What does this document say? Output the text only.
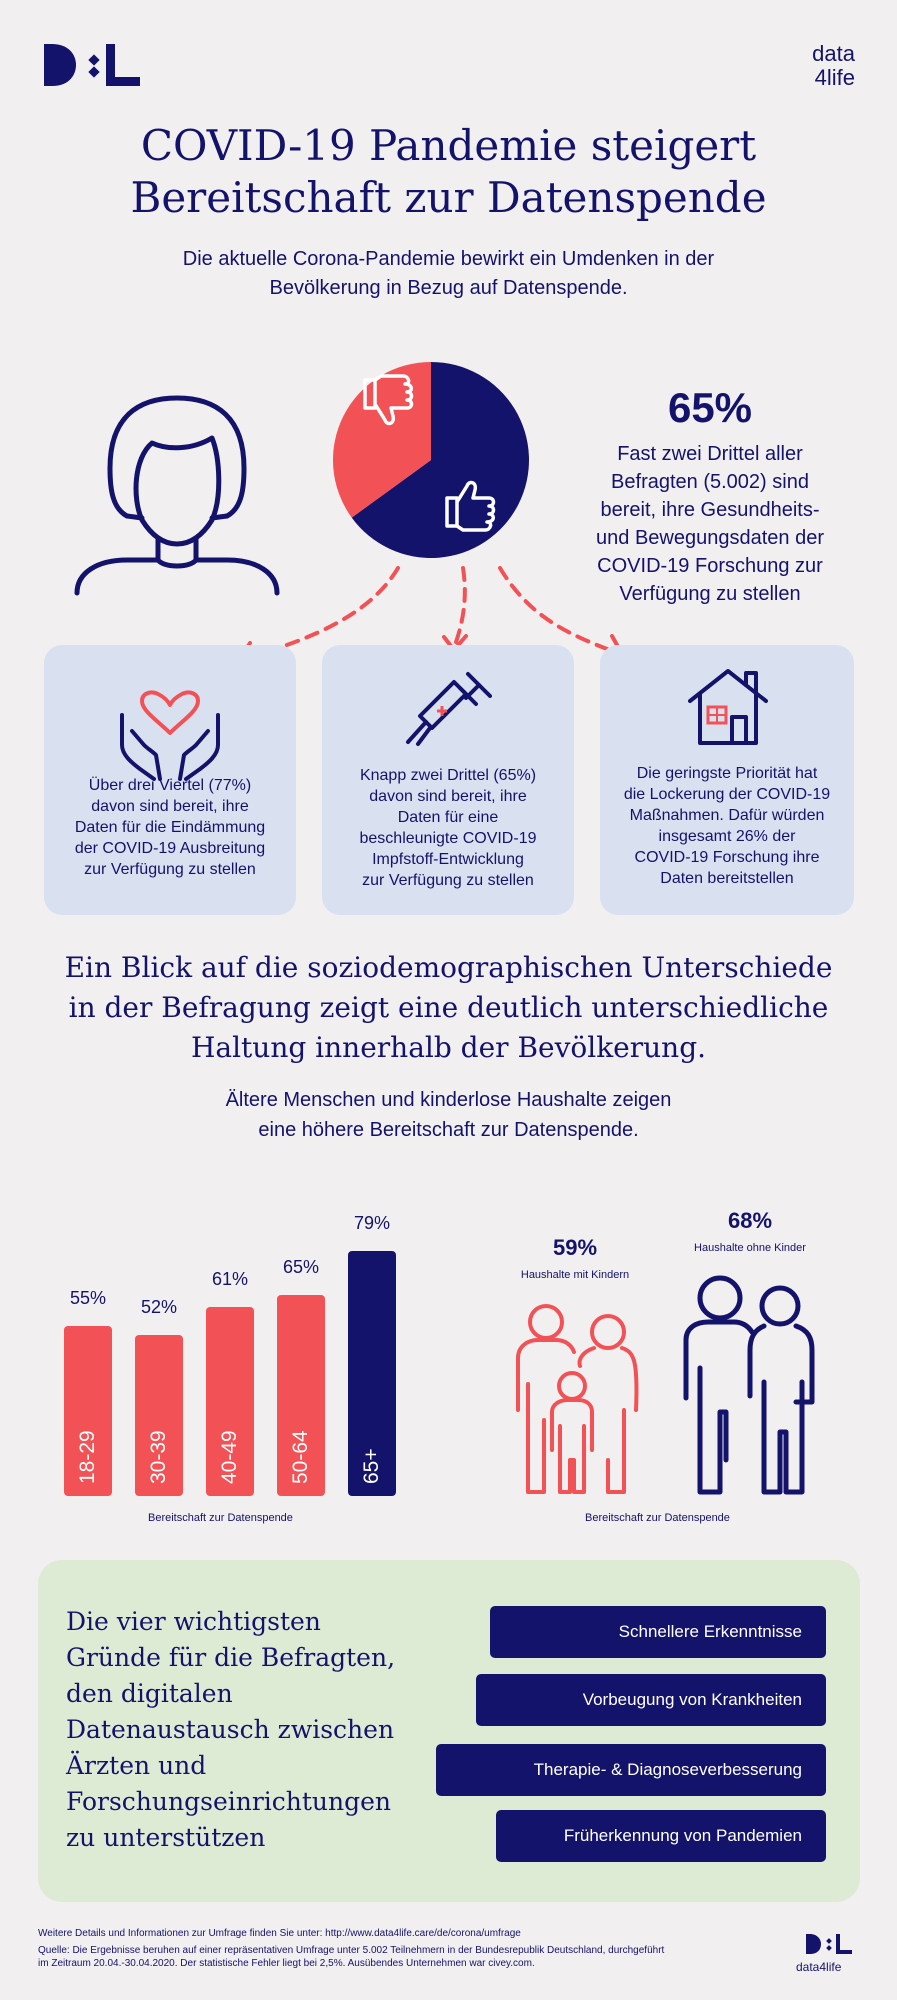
data
4life
COVID-19 Pandemie steigert
Bereitschaft zur Datenspende
Die aktuelle Corona-Pandemie bewirkt ein Umdenken in der
Bevölkerung in Bezug auf Datenspende.
65%
Fast zwei Drittel aller
Befragten (5.002) sind
bereit, ihre Gesundheits-
und Bewegungsdaten der
COVID-19 Forschung zur
Verfügung zu stellen
Über drei Viertel (77%)
davon sind bereit, ihre
Daten für die Eindämmung
der COVID-19 Ausbreitung
zur Verfügung zu stellen
Knapp zwei Drittel (65%)
davon sind bereit, ihre
Daten für eine
beschleunigte COVID-19
Impfstoff-Entwicklung
zur Verfügung zu stellen
Die geringste Priorität hat
die Lockerung der COVID-19
Maßnahmen. Dafür würden
insgesamt 26% der
COVID-19 Forschung ihre
Daten bereitstellen
Ein Blick auf die soziodemographischen Unterschiede
in der Befragung zeigt eine deutlich unterschiedliche
Haltung innerhalb der Bevölkerung.
Ältere Menschen und kinderlose Haushalte zeigen
eine höhere Bereitschaft zur Datenspende.
18-29
55%
30-39
52%
40-49
61%
50-64
65%
65+
79%
Bereitschaft zur Datenspende
59%
Haushalte mit Kindern
68%
Haushalte ohne Kinder
Bereitschaft zur Datenspende
Die vier wichtigsten
Gründe für die Befragten,
den digitalen
Datenaustausch zwischen
Ärzten und
Forschungseinrichtungen
zu unterstützen
Schnellere Erkenntnisse
Vorbeugung von Krankheiten
Therapie- & Diagnoseverbesserung
Früherkennung von Pandemien
Weitere Details und Informationen zur Umfrage finden Sie unter: http://www.data4life.care/de/corona/umfrage
Quelle: Die Ergebnisse beruhen auf einer repräsentativen Umfrage unter 5.002 Teilnehmern in der Bundesrepublik Deutschland, durchgeführt
im Zeitraum 20.04.-30.04.2020. Der statistische Fehler liegt bei 2,5%. Ausübendes Unternehmen war civey.com.	data4life
